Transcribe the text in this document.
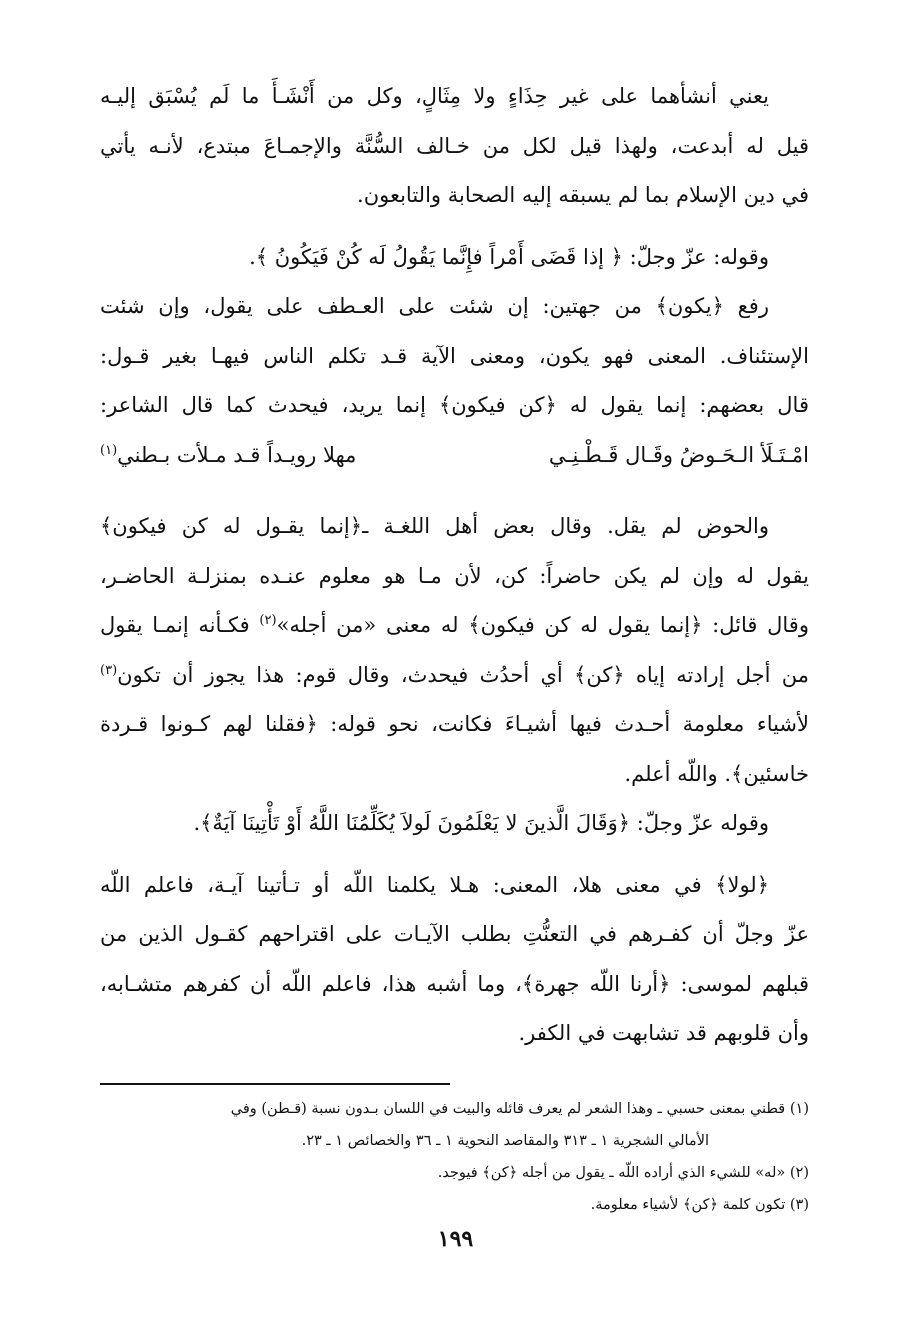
يعني أنشأهما على غير حِذَاءٍ ولا مِثَالٍ، وكل من أَنْشَـأَ ما لَم يُسْبَق إليـه
قيل له أبدعت، ولهذا قيل لكل من خـالف السُّنَّة والإجمـاعَ مبتدع، لأنـه يأتي
في دين الإسلام بما لم يسبقه إليه الصحابة والتابعون.
وقوله: عزّ وجلّ: ﴿ إذا قَضَى أَمْراً فإِنَّما يَقُولُ لَه كُنْ فَيَكُونُ ﴾.
رفع ﴿يكون﴾ من جهتين: إن شئت على العـطف على يقول، وإن شئت
الإستئناف. المعنى فهو يكون، ومعنى الآية قـد تكلم الناس فيهـا بغير قـول:
قال بعضهم: إنما يقول له ﴿كن فيكون﴾ إنما يريد، فيحدث كما قال الشاعر:
امْـتَـلَأ الـحَـوضُ وقَـال قَـطْـنِـي
مهلا رويـداً قـد مـلأت بـطني$^{(١)}$
والحوض لم يقل. وقال بعض أهل اللغـة ـ﴿إنما يقـول له كن فيكون﴾
يقول له وإن لم يكن حاضراً: كن، لأن مـا هو معلوم عنـده بمنزلـة الحاضـر،
وقال قائل: ﴿إنما يقول له كن فيكون﴾ له معنى «من أجله»$^{(٢)}$ فكـأنه إنمـا يقول
من أجل إرادته إياه ﴿كن﴾ أي أحدُث فيحدث، وقال قوم: هذا يجوز أن تكون$^{(٣)}$
لأشياء معلومة أحـدث فيها أشيـاءَ فكانت، نحو قوله: ﴿فقلنا لهم كـونوا قـردة
خاسئين﴾. واللّه أعلم.
وقوله عزّ وجلّ: ﴿وَقَالَ الَّذينَ لا يَعْلَمُونَ لَولاَ يُكَلِّمُنَا اللَّهُ أَوْ تَأْتِينَا آيَةٌ﴾.
﴿لولا﴾ في معنى هلا، المعنى: هـلا يكلمنا اللّه أو تـأتينا آيـة، فاعلم اللّه
عزّ وجلّ أن كفـرهم في التعنُّتِ بطلب الآيـات على اقتراحهم كقـول الذين من
قبلهم لموسى: ﴿أرنا اللّه جهرة﴾، وما أشبه هذا، فاعلم اللّه أن كفرهم متشـابه،
وأن قلوبهم قد تشابهت في الكفر.
(١) قطني بمعنى حسبي ـ وهذا الشعر لم يعرف قائله والبيت في اللسان بـدون نسبة (قـطن) وفي
الأمالي الشجرية ١ ـ ٣١٣ والمقاصد النحوية ١ ـ ٣٦ والخصائص ١ ـ ٢٣.
(٢) «له» للشيء الذي أراده اللّه ـ يقول من أجله ﴿كن﴾ فيوجد.
(٣) تكون كلمة ﴿كن﴾ لأشياء معلومة.
١٩٩
